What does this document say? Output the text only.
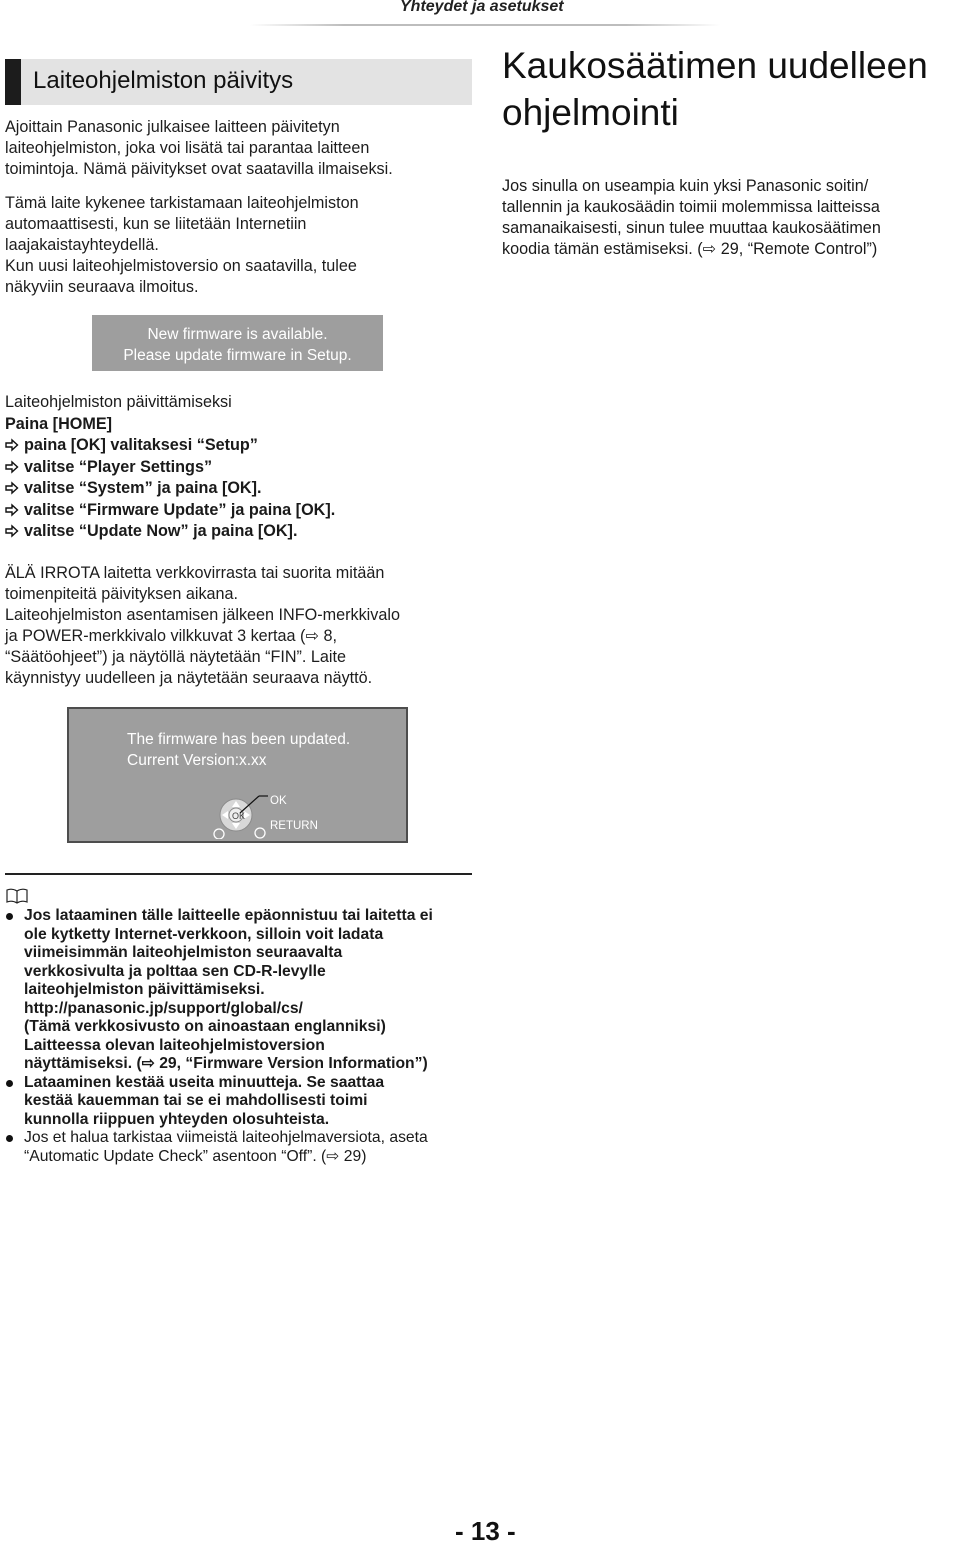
Yhteydet ja asetukset
Laiteohjelmiston päivitys
Ajoittain Panasonic julkaisee laitteen päivitetyn
laiteohjelmiston, joka voi lisätä tai parantaa laitteen
toimintoja. Nämä päivitykset ovat saatavilla ilmaiseksi.
Tämä laite kykenee tarkistamaan laiteohjelmiston
automaattisesti, kun se liitetään Internetiin
laajakaistayhteydellä.
Kun uusi laiteohjelmistoversio on saatavilla, tulee
näkyviin seuraava ilmoitus.
New firmware is available.
Please update firmware in Setup.
Laiteohjelmiston päivittämiseksi
Paina [HOME]
paina [OK] valitaksesi “Setup”
valitse “Player Settings”
valitse “System” ja paina [OK].
valitse “Firmware Update” ja paina [OK].
valitse “Update Now” ja paina [OK].
ÄLÄ IRROTA laitetta verkkovirrasta tai suorita mitään
toimenpiteitä päivityksen aikana.
Laiteohjelmiston asentamisen jälkeen INFO-merkkivalo
ja POWER-merkkivalo vilkkuvat 3 kertaa (⇨ 8,
“Säätöohjeet”) ja näytöllä näytetään “FIN”. Laite
käynnistyy uudelleen ja näytetään seuraava näyttö.
The firmware has been updated.
Current Version:x.xx
OK
OK
RETURN
Kaukosäätimen uudelleen
ohjelmointi
Jos sinulla on useampia kuin yksi Panasonic soitin/
tallennin ja kaukosäädin toimii molemmissa laitteissa
samanaikaisesti, sinun tulee muuttaa kaukosäätimen
koodia tämän estämiseksi. (⇨ 29, “Remote Control”)
Jos lataaminen tälle laitteelle epäonnistuu tai laitetta ei
ole kytketty Internet-verkkoon, silloin voit ladata
viimeisimmän laiteohjelmiston seuraavalta
verkkosivulta ja polttaa sen CD-R-levylle
laiteohjelmiston päivittämiseksi.
http://panasonic.jp/support/global/cs/
(Tämä verkkosivusto on ainoastaan englanniksi)
Laitteessa olevan laiteohjelmistoversion
näyttämiseksi. (⇨ 29, “Firmware Version Information”)
Lataaminen kestää useita minuutteja. Se saattaa
kestää kauemman tai se ei mahdollisesti toimi
kunnolla riippuen yhteyden olosuhteista.
Jos et halua tarkistaa viimeistä laiteohjelmaversiota, aseta
“Automatic Update Check” asentoon “Off”. (⇨ 29)
- 13 -
